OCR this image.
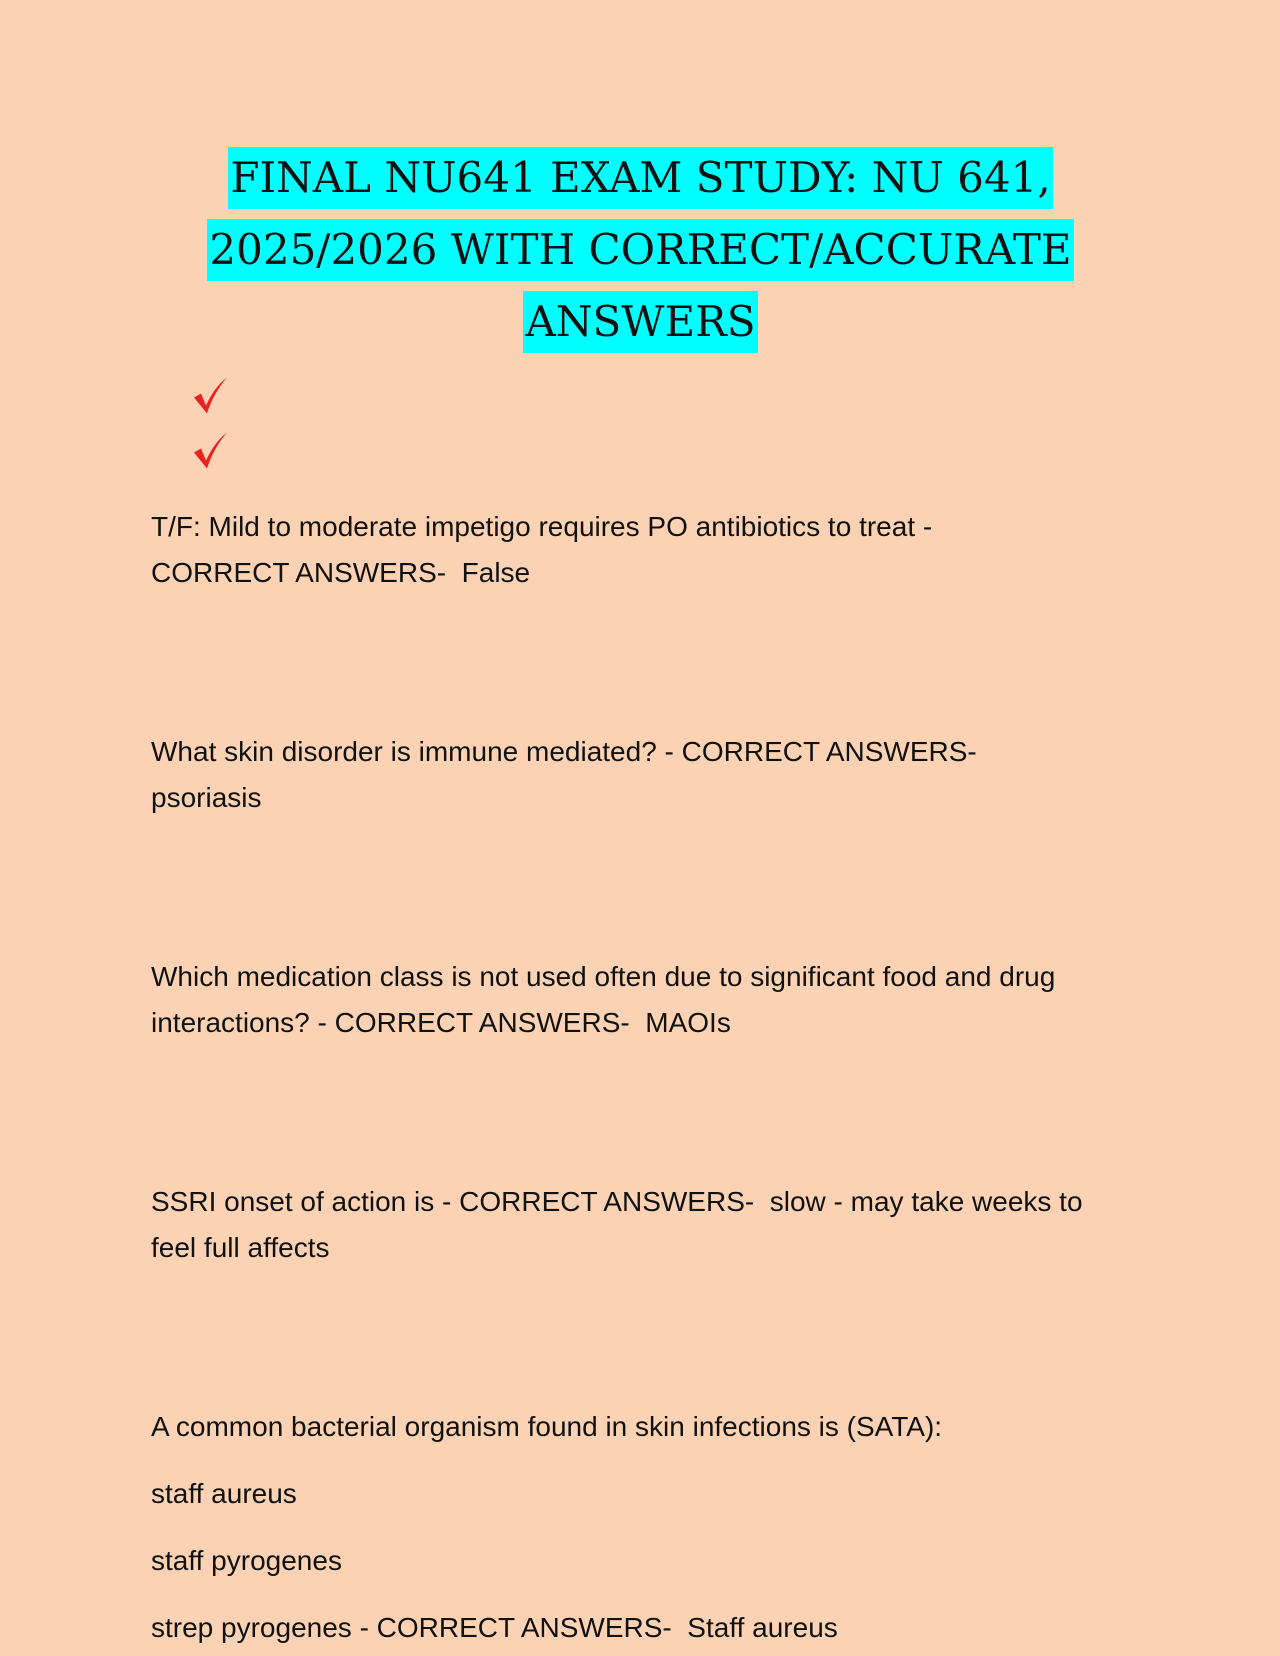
FINAL NU641 EXAM STUDY: NU 641,
2025/2026 WITH CORRECT/ACCURATE
ANSWERS
T/F: Mild to moderate impetigo requires PO antibiotics to treat -
CORRECT ANSWERS- False
What skin disorder is immune mediated? - CORRECT ANSWERS-
psoriasis
Which medication class is not used often due to significant food and drug interactions? - CORRECT ANSWERS- MAOIs
SSRI onset of action is - CORRECT ANSWERS- slow - may take weeks to feel full affects

A common bacterial organism found in skin infections is (SATA):

staff aureus

staff pyrogenes

strep pyrogenes - CORRECT ANSWERS- Staff aureus
